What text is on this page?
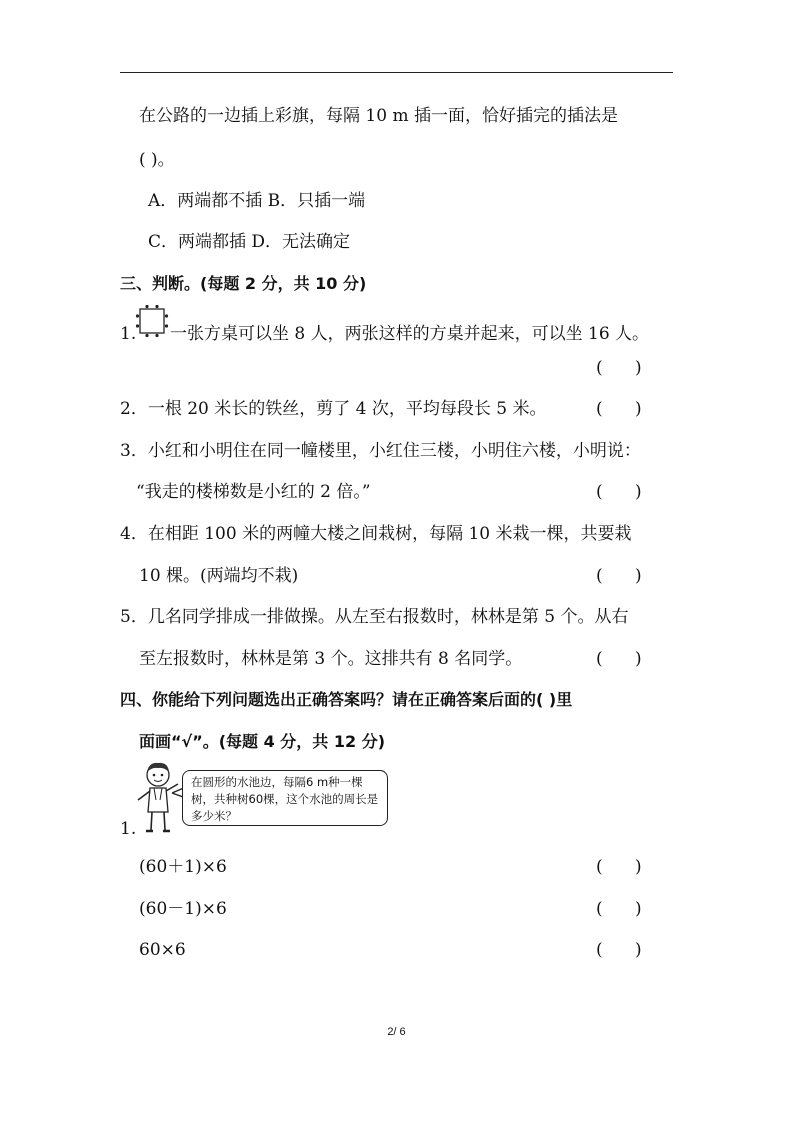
在公路的一边插上彩旗，每隔 10 m 插一面，恰好插完的插法是
( )。
A．两端都不插 B．只插一端
C．两端都插 D．无法确定
三、判断。(每题 2 分，共 10 分)
1. 一张方桌可以坐 8 人，两张这样的方桌并起来，可以坐 16 人。
(      )
2．一根 20 米长的铁丝，剪了 4 次，平均每段长 5 米。	(      )
3．小红和小明住在同一幢楼里，小红住三楼，小明住六楼，小明说：
“我走的楼梯数是小红的 2 倍。”	(      )
4．在相距 100 米的两幢大楼之间栽树，每隔 10 米栽一棵，共要栽
10 棵。(两端均不栽)	(      )
5．几名同学排成一排做操。从左至右报数时，林林是第 5 个。从右
至左报数时，林林是第 3 个。这排共有 8 名同学。	(      )
四、你能给下列问题选出正确答案吗？请在正确答案后面的( )里
面画“√”。(每题 4 分，共 12 分)
在圆形的水池边，每隔6 m种一棵树，共种树60棵，这个水池的周长是多少米？
1.
(60＋1)×6	(      )
(60－1)×6	(      )
60×6	(      )
2/ 6
